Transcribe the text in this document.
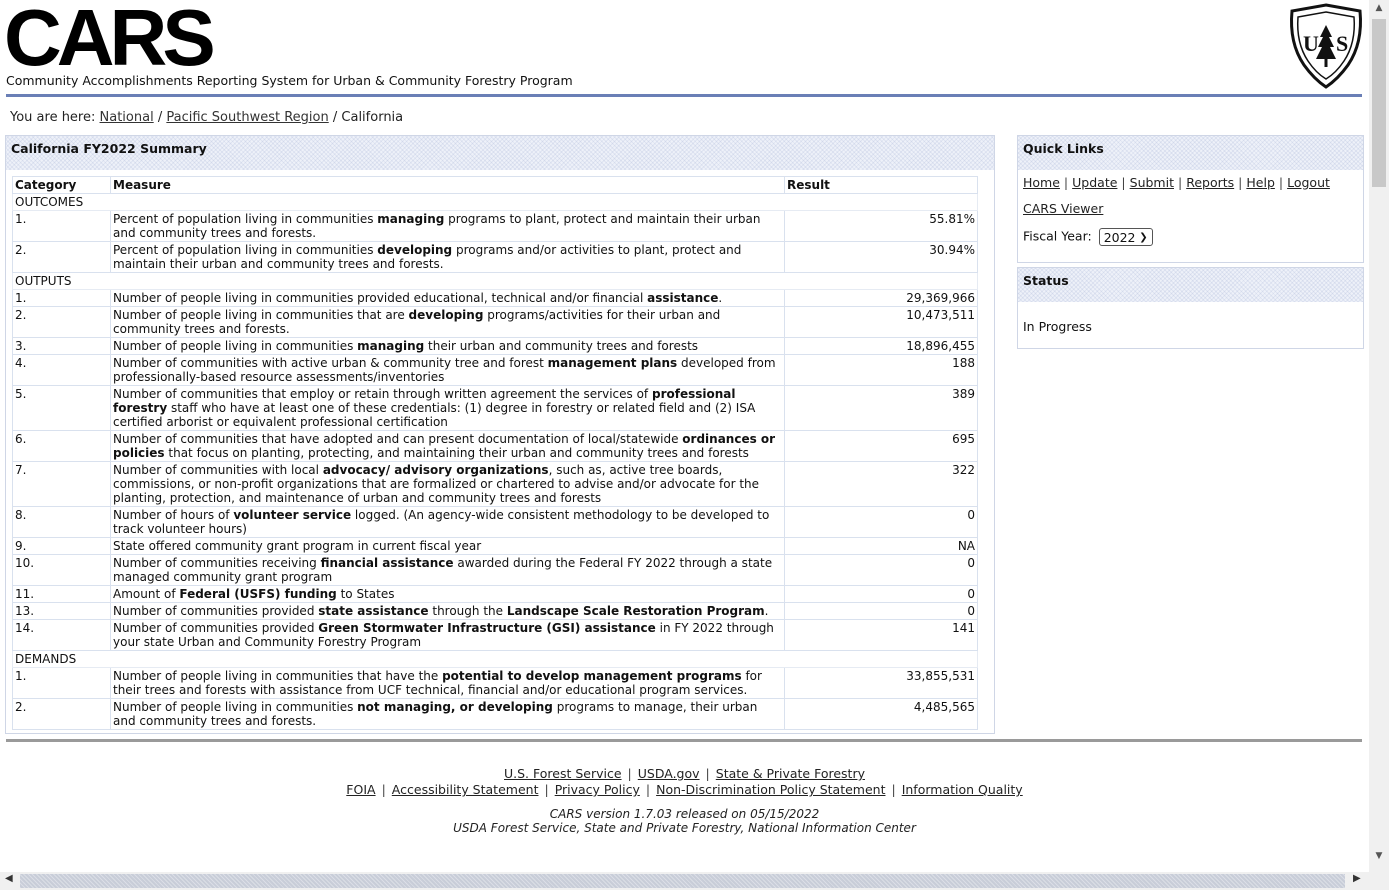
CARS
Community Accomplishments Reporting System for Urban & Community Forestry Program
U S
You are here: National / Pacific Southwest Region / California
California FY2022 Summary
Category	Measure	Result
OUTCOMES		
1.	Percent of population living in communities managing programs to plant, protect and maintain their urban and community trees and forests.	55.81%
2.	Percent of population living in communities developing programs and/or activities to plant, protect and maintain their urban and community trees and forests.	30.94%
OUTPUTS		
1.	Number of people living in communities provided educational, technical and/or financial assistance.	29,369,966
2.	Number of people living in communities that are developing programs/activities for their urban and community trees and forests.	10,473,511
3.	Number of people living in communities managing their urban and community trees and forests	18,896,455
4.	Number of communities with active urban & community tree and forest management plans developed from professionally-based resource assessments/inventories	188
5.	Number of communities that employ or retain through written agreement the services of professional forestry staff who have at least one of these credentials: (1) degree in forestry or related field and (2) ISA certified arborist or equivalent professional certification	389
6.	Number of communities that have adopted and can present documentation of local/statewide ordinances or policies that focus on planting, protecting, and maintaining their urban and community trees and forests	695
7.	Number of communities with local advocacy/ advisory organizations, such as, active tree boards, commissions, or non-profit organizations that are formalized or chartered to advise and/or advocate for the planting, protection, and maintenance of urban and community trees and forests	322
8.	Number of hours of volunteer service logged. (An agency-wide consistent methodology to be developed to track volunteer hours)	0
9.	State offered community grant program in current fiscal year	NA
10.	Number of communities receiving financial assistance awarded during the Federal FY 2022 through a state managed community grant program	0
11.	Amount of Federal (USFS) funding to States	0
13.	Number of communities provided state assistance through the Landscape Scale Restoration Program.	0
14.	Number of communities provided Green Stormwater Infrastructure (GSI) assistance in FY 2022 through your state Urban and Community Forestry Program	141
DEMANDS		
1.	Number of people living in communities that have the potential to develop management programs for their trees and forests with assistance from UCF technical, financial and/or educational program services.	33,855,531
2.	Number of people living in communities not managing, or developing programs to manage, their urban and community trees and forests.	4,485,565
Quick Links
Home | Update | Submit | Reports | Help | Logout
CARS Viewer
Fiscal Year: 2022 ❯
Status
In Progress
U.S. Forest Service | USDA.gov | State & Private Forestry
FOIA | Accessibility Statement | Privacy Policy | Non-Discrimination Policy Statement | Information Quality
CARS version 1.7.03 released on 05/15/2022
USDA Forest Service, State and Private Forestry, National Information Center
▲
▼
◀	▶
